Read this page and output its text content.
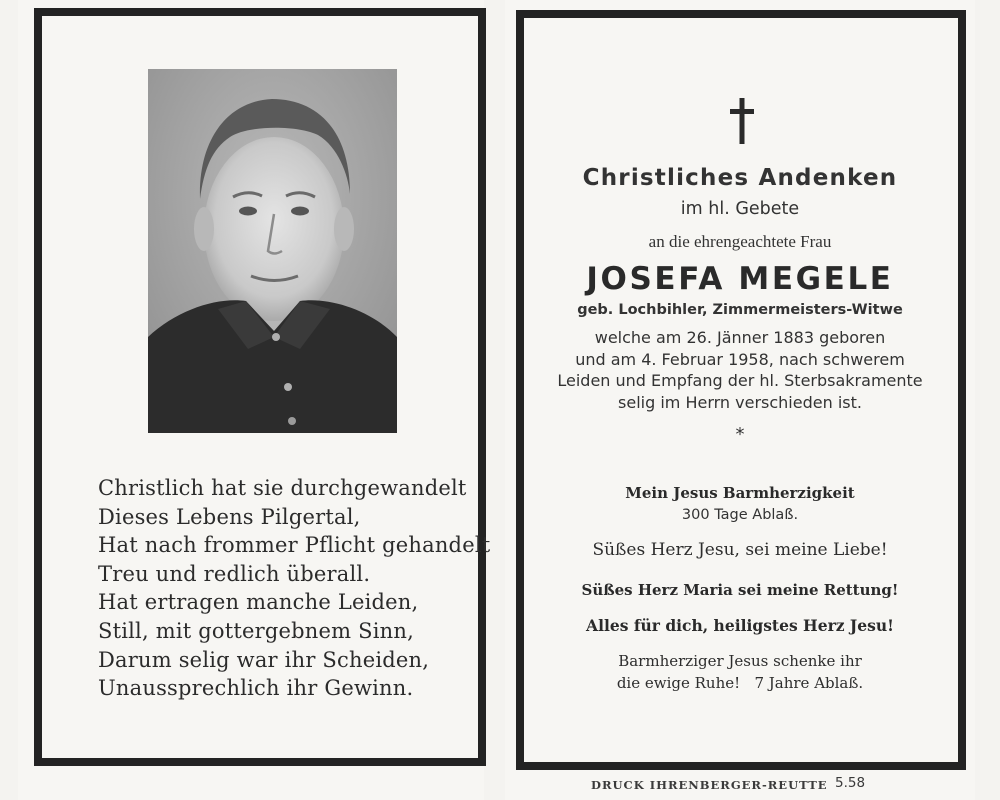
Christlich hat sie durchgewandelt
Dieses Lebens Pilgertal,
Hat nach frommer Pflicht gehandelt
Treu und redlich überall.
Hat ertragen manche Leiden,
Still, mit gottergebnem Sinn,
Darum selig war ihr Scheiden,
Unaussprechlich ihr Gewinn.
Christliches Andenken
im hl. Gebete
an die ehrengeachtete Frau
JOSEFA MEGELE
geb. Lochbihler, Zimmermeisters-Witwe
welche am 26. Jänner 1883 geboren
und am 4. Februar 1958, nach schwerem
Leiden und Empfang der hl. Sterbsakramente
selig im Herrn verschieden ist.
*
Mein Jesus Barmherzigkeit
300 Tage Ablaß.
Süßes Herz Jesu, sei meine Liebe!
Süßes Herz Maria sei meine Rettung!
Alles für dich, heiligstes Herz Jesu!
Barmherziger Jesus schenke ihr
die ewige Ruhe!   7 Jahre Ablaß.
DRUCK IHRENBERGER-REUTTE 5.58
